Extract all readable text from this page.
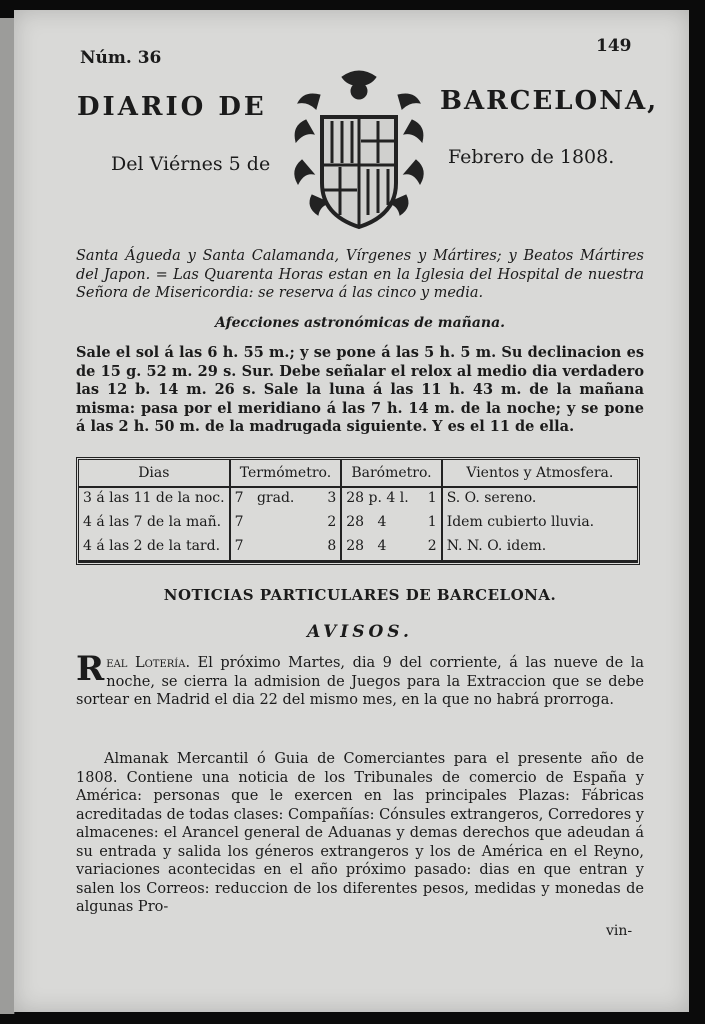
Núm. 36
149
DIARIO DE	BARCELONA,
Del Viérnes 5 de	Febrero de 1808.
Santa Águeda y Santa Calamanda, Vírgenes y Mártires; y Beatos Mártires del Japon. = Las Quarenta Horas estan en la Iglesia del Hospital de nuestra Señora de Misericordia: se reserva á las cinco y media.
Afecciones astronómicas de mañana.
Sale el sol á las 6 h. 55 m.; y se pone á las 5 h. 5 m. Su declinacion es de 15 g. 52 m. 29 s. Sur. Debe señalar el relox al medio dia verdadero las 12 b. 14 m. 26 s. Sale la luna á las 11 h. 43 m. de la mañana misma: pasa por el meridiano á las 7 h. 14 m. de la noche; y se pone á las 2 h. 50 m. de la madrugada siguiente. Y es el 11 de ella.
Dias	Termómetro.	Barómetro.	Vientos y Atmosfera.
3 á las 11 de la noc.	7 grad. 3	28 p. 4 l. 1	S. O. sereno.
4 á las 7 de la mañ.	7 2	28 4 1	Idem cubierto lluvia.
4 á las 2 de la tard.	7 8	28 4 2	N. N. O. idem.
NOTICIAS PARTICULARES DE BARCELONA.
AVISOS.
Real Lotería. El próximo Martes, dia 9 del corriente, á las nueve de la noche, se cierra la admision de Juegos para la Extraccion que se debe sortear en Madrid el dia 22 del mismo mes, en la que no habrá prorroga.
Almanak Mercantil ó Guia de Comerciantes para el presente año de 1808. Contiene una noticia de los Tribunales de comercio de España y América: personas que le exercen en las principales Plazas: Fábricas acreditadas de todas clases: Compañías: Cónsules extrangeros, Corredores y almacenes: el Arancel general de Aduanas y demas derechos que adeudan á su entrada y salida los géneros extrangeros y los de América en el Reyno, variaciones acontecidas en el año próximo pasado: dias en que entran y salen los Correos: reduccion de los diferentes pesos, medidas y monedas de algunas Pro-
vin-
